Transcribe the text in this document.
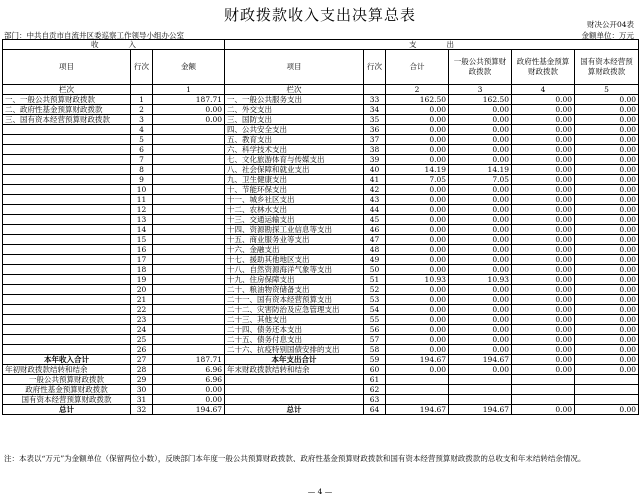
财政拨款收入支出决算总表
财决公开04表
部门：中共自贡市自流井区委巡察工作领导小组办公室	金额单位：万元
收　　　　入			支　　　　出					
项目	行次	金额	项目	行次	合计	一般公共预算财政拨款	政府性基金预算财政拨款	国有资本经营预算财政拨款
栏次		1	栏次		2	3	4	5
一、一般公共预算财政拨款	1	187.71	一、一般公共服务支出	33	162.50	162.50	0.00	0.00
二、政府性基金预算财政拨款	2	0.00	二、外交支出	34	0.00	0.00	0.00	0.00
三、国有资本经营预算财政拨款	3	0.00	三、国防支出	35	0.00	0.00	0.00	0.00
	4		四、公共安全支出	36	0.00	0.00	0.00	0.00
	5		五、教育支出	37	0.00	0.00	0.00	0.00
	6		六、科学技术支出	38	0.00	0.00	0.00	0.00
	7		七、文化旅游体育与传媒支出	39	0.00	0.00	0.00	0.00
	8		八、社会保障和就业支出	40	14.19	14.19	0.00	0.00
	9		九、卫生健康支出	41	7.05	7.05	0.00	0.00
	10		十、节能环保支出	42	0.00	0.00	0.00	0.00
	11		十一、城乡社区支出	43	0.00	0.00	0.00	0.00
	12		十二、农林水支出	44	0.00	0.00	0.00	0.00
	13		十三、交通运输支出	45	0.00	0.00	0.00	0.00
	14		十四、资源勘探工业信息等支出	46	0.00	0.00	0.00	0.00
	15		十五、商业服务业等支出	47	0.00	0.00	0.00	0.00
	16		十六、金融支出	48	0.00	0.00	0.00	0.00
	17		十七、援助其他地区支出	49	0.00	0.00	0.00	0.00
	18		十八、自然资源海洋气象等支出	50	0.00	0.00	0.00	0.00
	19		十九、住房保障支出	51	10.93	10.93	0.00	0.00
	20		二十、粮油物资储备支出	52	0.00	0.00	0.00	0.00
	21		二十一、国有资本经营预算支出	53	0.00	0.00	0.00	0.00
	22		二十二、灾害防治及应急管理支出	54	0.00	0.00	0.00	0.00
	23		二十三、其他支出	55	0.00	0.00	0.00	0.00
	24		二十四、债务还本支出	56	0.00	0.00	0.00	0.00
	25		二十五、债务付息支出	57	0.00	0.00	0.00	0.00
	26		二十六、抗疫特别国债安排的支出	58	0.00	0.00	0.00	0.00
本年收入合计	27	187.71	本年支出合计	59	194.67	194.67	0.00	0.00
年初财政拨款结转和结余	28	6.96	年末财政拨款结转和结余	60	0.00	0.00	0.00	0.00
一般公共预算财政拨款	29	6.96		61				
政府性基金预算财政拨款	30	0.00		62				
国有资本经营预算财政拨款	31	0.00		63				
总计	32	194.67	总计	64	194.67	194.67	0.00	0.00
注：本表以“万元”为金额单位（保留两位小数），反映部门本年度一般公共预算财政拨款、政府性基金预算财政拨款和国有资本经营预算财政拨款的总收支和年末结转结余情况。
— 4 —
